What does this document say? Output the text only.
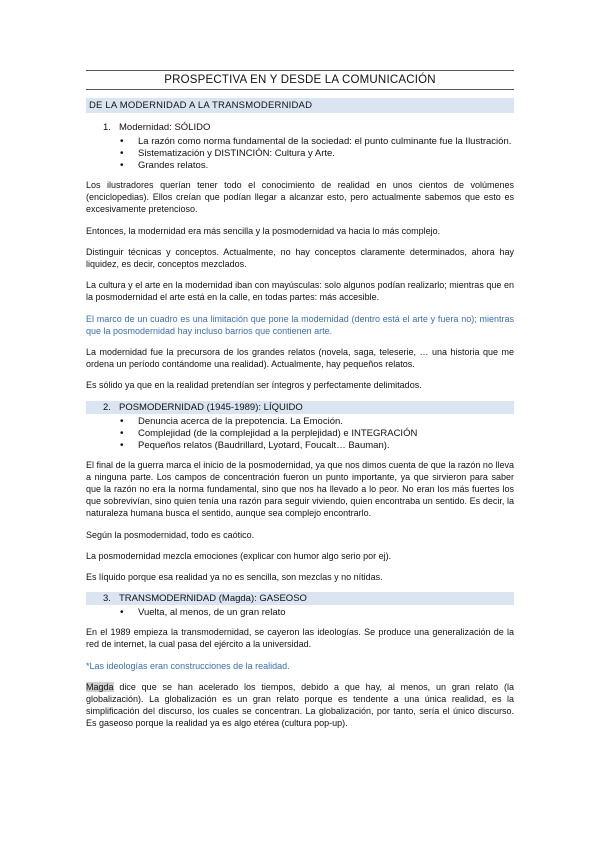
PROSPECTIVA EN Y DESDE LA COMUNICACIÓN
DE LA MODERNIDAD A LA TRANSMODERNIDAD
1. Modernidad: SÓLIDO
• La razón como norma fundamental de la sociedad: el punto culminante fue la Ilustración.
• Sistematización y DISTINCIÓN: Cultura y Arte.
• Grandes relatos.

Los ilustradores querían tener todo el conocimiento de realidad en unos cientos de volúmenes (enciclopedias). Ellos creían que podían llegar a alcanzar esto, pero actualmente sabemos que esto es excesivamente pretencioso.

Entonces, la modernidad era más sencilla y la posmodernidad va hacia lo más complejo.

Distinguir técnicas y conceptos. Actualmente, no hay conceptos claramente determinados, ahora hay liquidez, es decir, conceptos mezclados.

La cultura y el arte en la modernidad iban con mayúsculas: solo algunos podían realizarlo; mientras que en la posmodernidad el arte está en la calle, en todas partes: más accesible.

El marco de un cuadro es una limitación que pone la modernidad (dentro está el arte y fuera no); mientras que la posmodernidad hay incluso barrios que contienen arte.

La modernidad fue la precursora de los grandes relatos (novela, saga, teleserie, … una historia que me ordena un período contándome una realidad). Actualmente, hay pequeños relatos.

Es sólido ya que en la realidad pretendían ser íntegros y perfectamente delimitados.

2. POSMODERNIDAD (1945-1989): LÍQUIDO
• Denuncia acerca de la prepotencia. La Emoción.
• Complejidad (de la complejidad a la perplejidad) e INTEGRACIÓN
• Pequeños relatos (Baudrillard, Lyotard, Foucalt… Bauman).

El final de la guerra marca el inicio de la posmodernidad, ya que nos dimos cuenta de que la razón no lleva a ninguna parte. Los campos de concentración fueron un punto importante, ya que sirvieron para saber que la razón no era la norma fundamental, sino que nos ha llevado a lo peor. No eran los más fuertes los que sobrevivían, sino quien tenía una razón para seguir viviendo, quien encontraba un sentido. Es decir, la naturaleza humana busca el sentido, aunque sea complejo encontrarlo.

Según la posmodernidad, todo es caótico.

La posmodernidad mezcla emociones (explicar con humor algo serio por ej).

Es líquido porque esa realidad ya no es sencilla, son mezclas y no nítidas.

3. TRANSMODERNIDAD (Magda): GASEOSO
• Vuelta, al menos, de un gran relato

En el 1989 empieza la transmodernidad, se cayeron las ideologías. Se produce una generalización de la red de internet, la cual pasa del ejército a la universidad.

*Las ideologías eran construcciones de la realidad.

Magda dice que se han acelerado los tiempos, debido a que hay, al menos, un gran relato (la globalización). La globalización es un gran relato porque es tendente a una única realidad, es la simplificación del discurso, los cuales se concentran. La globalización, por tanto, sería el único discurso. Es gaseoso porque la realidad ya es algo etérea (cultura pop-up).
